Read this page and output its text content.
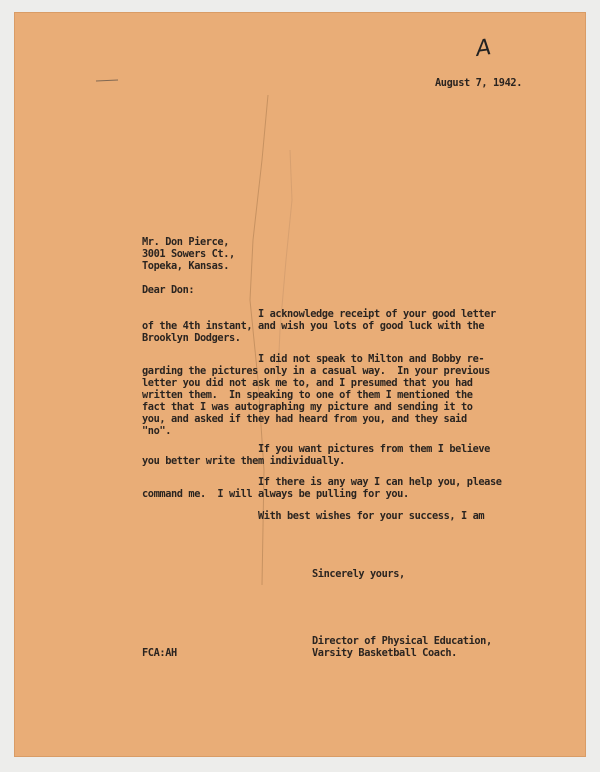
A
August 7, 1942.
Mr. Don Pierce,
3001 Sowers Ct.,
Topeka, Kansas.
Dear Don:
I acknowledge receipt of your good letter
of the 4th instant, and wish you lots of good luck with the
Brooklyn Dodgers.
I did not speak to Milton and Bobby re-
garding the pictures only in a casual way.  In your previous
letter you did not ask me to, and I presumed that you had
written them.  In speaking to one of them I mentioned the
fact that I was autographing my picture and sending it to
you, and asked if they had heard from you, and they said
"no".
If you want pictures from them I believe
you better write them individually.
If there is any way I can help you, please
command me.  I will always be pulling for you.
With best wishes for your success, I am
Sincerely yours,
Director of Physical Education,
Varsity Basketball Coach.
FCA:AH
